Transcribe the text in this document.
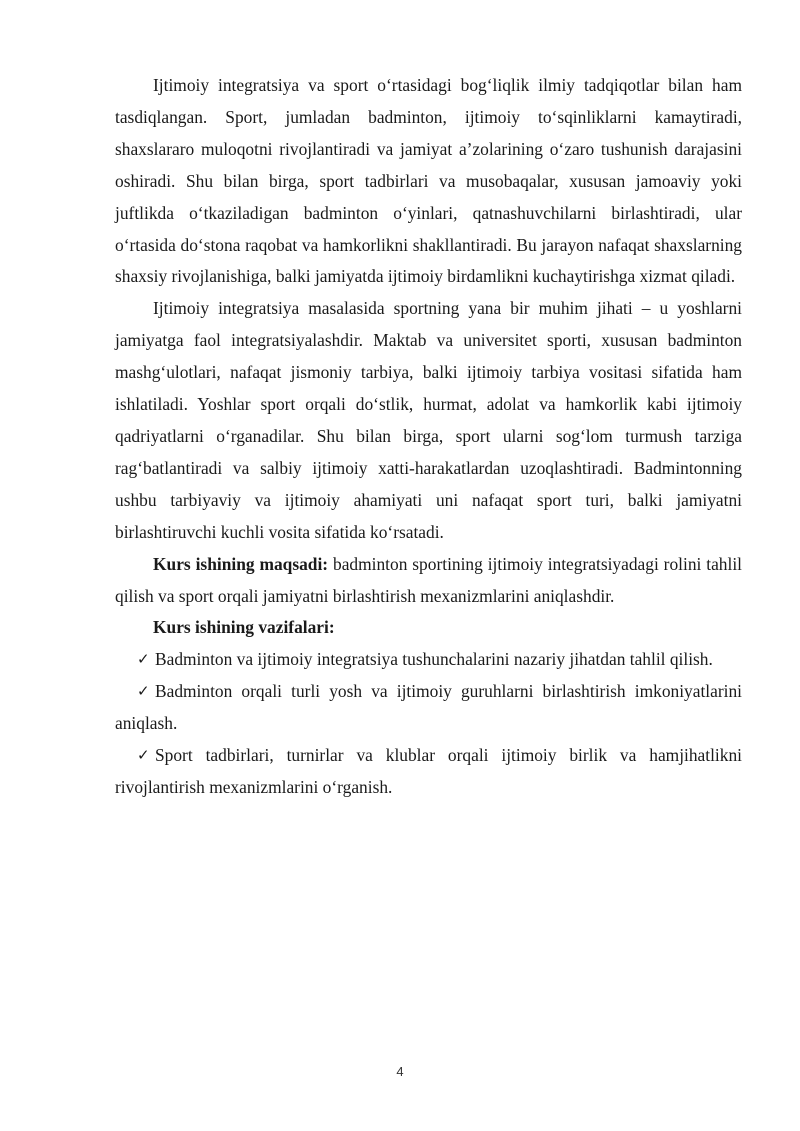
Ijtimoiy integratsiya va sport o‘rtasidagi bog‘liqlik ilmiy tadqiqotlar bilan ham tasdiqlangan. Sport, jumladan badminton, ijtimoiy to‘sqinliklarni kamaytiradi, shaxslararo muloqotni rivojlantiradi va jamiyat a’zolarining o‘zaro tushunish darajasini oshiradi. Shu bilan birga, sport tadbirlari va musobaqalar, xususan jamoaviy yoki juftlikda o‘tkaziladigan badminton o‘yinlari, qatnashuvchilarni birlashtiradi, ular o‘rtasida do‘stona raqobat va hamkorlikni shakllantiradi. Bu jarayon nafaqat shaxslarning shaxsiy rivojlanishiga, balki jamiyatda ijtimoiy birdamlikni kuchaytirishga xizmat qiladi.

Ijtimoiy integratsiya masalasida sportning yana bir muhim jihati – u yoshlarni jamiyatga faol integratsiyalashdir. Maktab va universitet sporti, xususan badminton mashg‘ulotlari, nafaqat jismoniy tarbiya, balki ijtimoiy tarbiya vositasi sifatida ham ishlatiladi. Yoshlar sport orqali do‘stlik, hurmat, adolat va hamkorlik kabi ijtimoiy qadriyatlarni o‘rganadilar. Shu bilan birga, sport ularni sog‘lom turmush tarziga rag‘batlantiradi va salbiy ijtimoiy xatti-harakatlardan uzoqlashtiradi. Badmintonning ushbu tarbiyaviy va ijtimoiy ahamiyati uni nafaqat sport turi, balki jamiyatni birlashtiruvchi kuchli vosita sifatida ko‘rsatadi.

Kurs ishining maqsadi: badminton sportining ijtimoiy integratsiyadagi rolini tahlil qilish va sport orqali jamiyatni birlashtirish mexanizmlarini aniqlashdir.

Kurs ishining vazifalari:

✓ Badminton va ijtimoiy integratsiya tushunchalarini nazariy jihatdan tahlil qilish.

✓ Badminton orqali turli yosh va ijtimoiy guruhlarni birlashtirish imkoniyatlarini aniqlash.

✓ Sport tadbirlari, turnirlar va klublar orqali ijtimoiy birlik va hamjihatlikni rivojlantirish mexanizmlarini o‘rganish.

4
